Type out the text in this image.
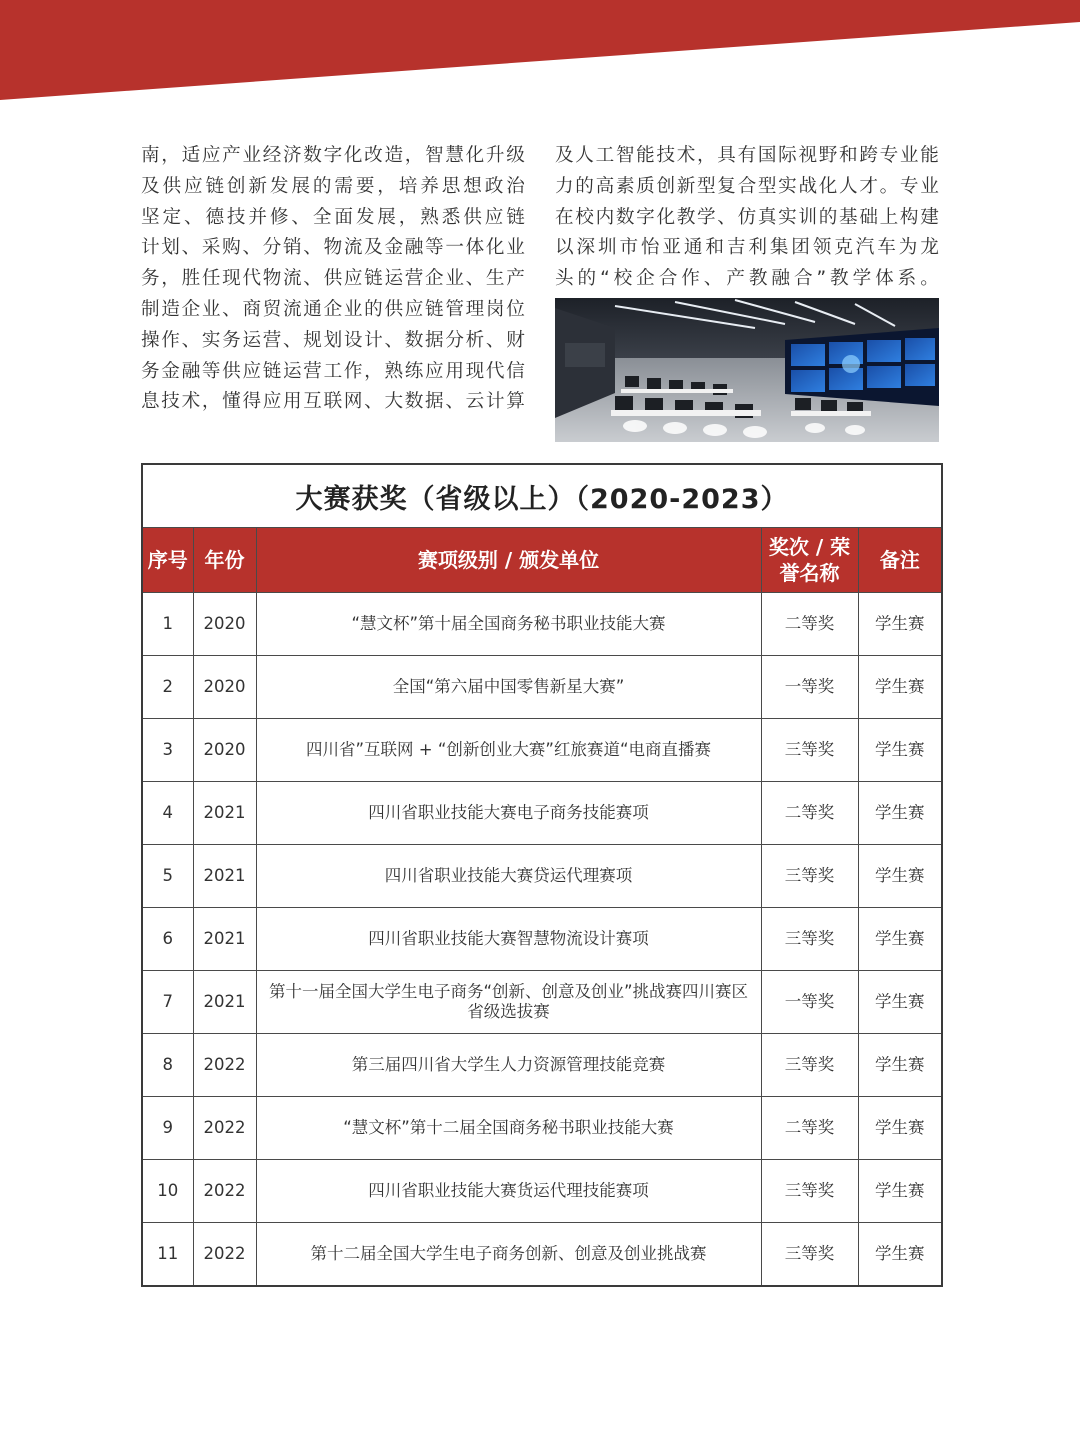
南，适应产业经济数字化改造，智慧化升级

及供应链创新发展的需要，培养思想政治

坚定、德技并修、全面发展，熟悉供应链

计划、采购、分销、物流及金融等一体化业

务，胜任现代物流、供应链运营企业、生产

制造企业、商贸流通企业的供应链管理岗位

操作、实务运营、规划设计、数据分析、财

务金融等供应链运营工作，熟练应用现代信

息技术，懂得应用互联网、大数据、云计算

及人工智能技术，具有国际视野和跨专业能

力的高素质创新型复合型实战化人才。专业

在校内数字化教学、仿真实训的基础上构建

以深圳市怡亚通和吉利集团领克汽车为龙

头的“校企合作、产教融合”教学体系。

大赛获奖（省级以上）（2020-2023）				
序号	年份	赛项级别 / 颁发单位	奖次 / 荣誉名称	备注
1	2020	“慧文杯”第十届全国商务秘书职业技能大赛	二等奖	学生赛
2	2020	全国“第六届中国零售新星大赛”	一等奖	学生赛
3	2020	四川省”互联网 + “创新创业大赛”红旅赛道“电商直播赛	三等奖	学生赛
4	2021	四川省职业技能大赛电子商务技能赛项	二等奖	学生赛
5	2021	四川省职业技能大赛贷运代理赛项	三等奖	学生赛
6	2021	四川省职业技能大赛智慧物流设计赛项	三等奖	学生赛
7	2021	第十一届全国大学生电子商务“创新、创意及创业”挑战赛四川赛区省级选拔赛	一等奖	学生赛
8	2022	第三届四川省大学生人力资源管理技能竞赛	三等奖	学生赛
9	2022	“慧文杯”第十二届全国商务秘书职业技能大赛	二等奖	学生赛
10	2022	四川省职业技能大赛货运代理技能赛项	三等奖	学生赛
11	2022	第十二届全国大学生电子商务创新、创意及创业挑战赛	三等奖	学生赛
